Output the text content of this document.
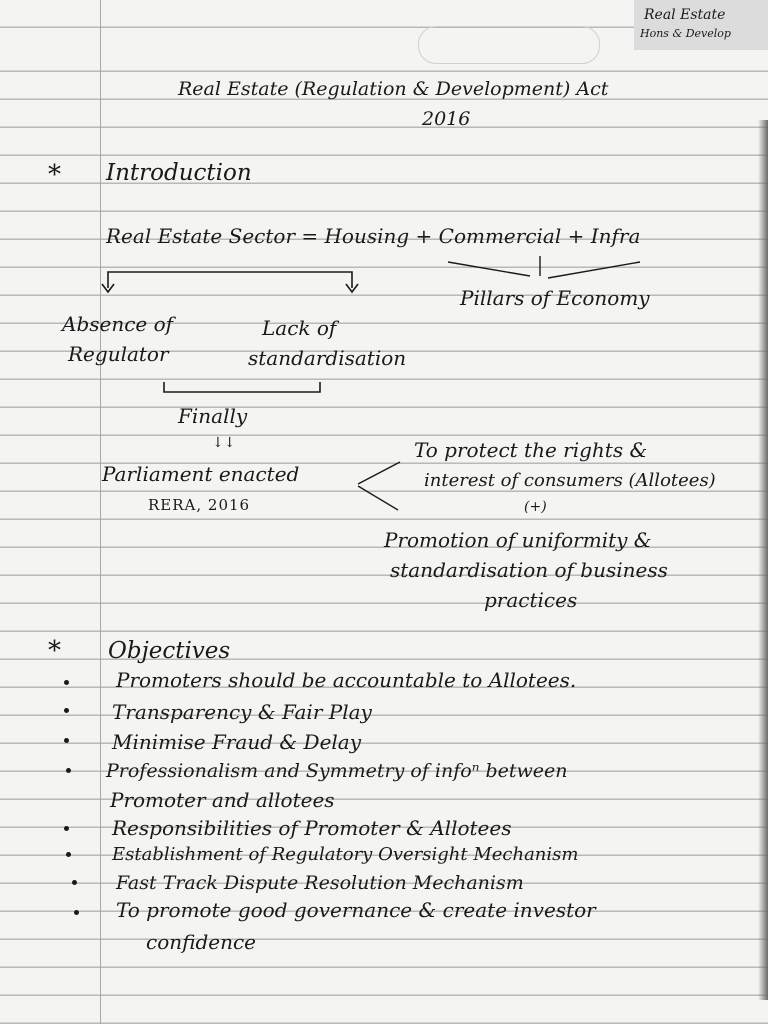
Real Estate
Hons & Develop
Real Estate (Regulation & Development) Act
2016
* Introduction
Real Estate Sector = Housing + Commercial + Infra
Pillars of Economy
Absence of
Regulator
Lack of
standardisation
Finally
↓↓
Parliament enacted
RERA, 2016
To protect the rights &
interest of consumers (Allotees)
(+)
Promotion of uniformity &
standardisation of business
practices
* Objectives
Promoters should be accountable to Allotees.
Transparency & Fair Play
Minimise Fraud & Delay
Professionalism and Symmetry of infoⁿ between
Promoter and allotees
Responsibilities of Promoter & Allotees
Establishment of Regulatory Oversight Mechanism
Fast Track Dispute Resolution Mechanism
To promote good governance & create investor
confidence
